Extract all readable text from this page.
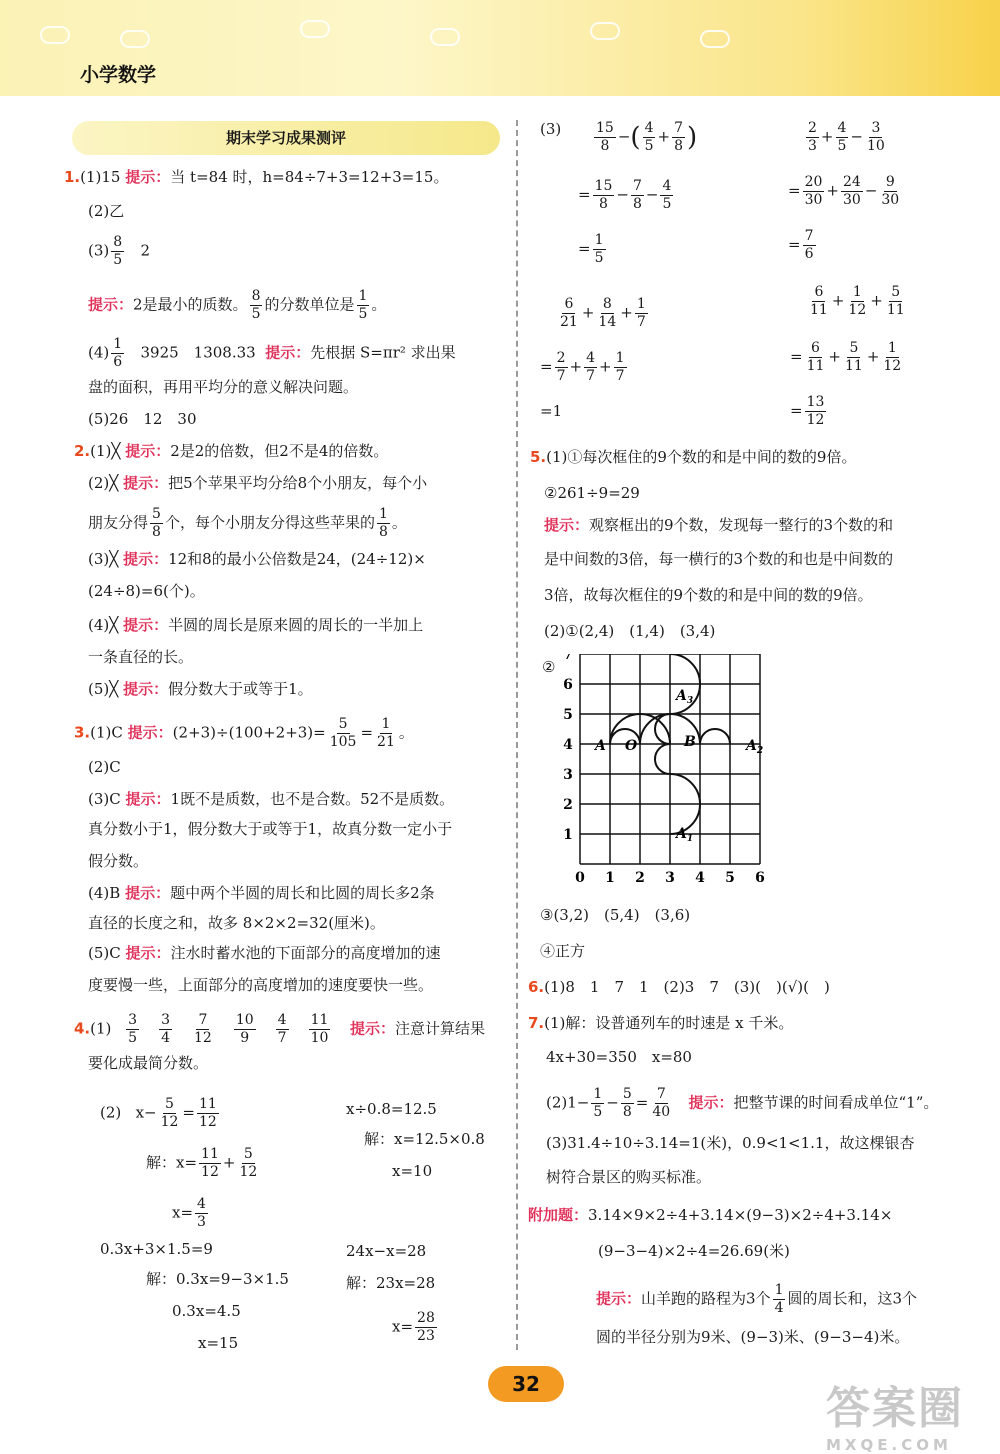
小学数学
期末学习成果测评
1.(1)15 提示：当 t=84 时，h=84÷7+3=12+3=15。
(2)乙
$(3) \frac{8}{5} 2$
提示：2是最小的质数。 $\frac{8}{5}$ 的分数单位是 $\frac{1}{5}$ 。
$(4) \frac{1}{6} 3925$　1308.33 提示：先根据 S=πr² 求出果
盘的面积，再用平均分的意义解决问题。
(5)26　12　30
2.(1)╳ 提示：2是2的倍数，但2不是4的倍数。
(2)╳ 提示：把5个苹果平均分给8个小朋友，每个小
朋友分得 $\frac{5}{8}$ 个，每个小朋友分得这些苹果的 $\frac{1}{8}$ 。
(3)╳ 提示：12和8的最小公倍数是24，(24÷12)×
(24÷8)=6(个)。
(4)╳ 提示：半圆的周长是原来圆的周长的一半加上
一条直径的长。
(5)╳ 提示：假分数大于或等于1。
3.(1)C 提示：$(2+3)\div(100+2+3)= \frac{5}{105} = \frac{1}{21}$ 。
(2)C
(3)C 提示：1既不是质数，也不是合数。52不是质数。
真分数小于1，假分数大于或等于1，故真分数一定小于
假分数。
(4)B 提示：题中两个半圆的周长和比圆的周长多2条
直径的长度之和，故多 8×2×2=32(厘米)。
(5)C 提示：注水时蓄水池的下面部分的高度增加的速
度要慢一些，上面部分的高度增加的速度要快一些。
$4.(1) \frac{3}{5} \frac{3}{4} \frac{7}{12} \frac{10}{9} \frac{4}{7} \frac{11}{10}$ 提示：注意计算结果
要化成最简分数。
(2) $x- \frac{5}{12} = \frac{11}{12}$
解：$x= \frac{11}{12} + \frac{5}{12}$
$x= \frac{4}{3}$
x÷0.8=12.5
解：x=12.5×0.8
x=10
0.3x+3×1.5=9
解：0.3x=9−3×1.5
0.3x=4.5
x=15
24x−x=28
解：23x=28
$x= \frac{28}{23}$
$(3) \frac{15}{8}$ −( $\frac{4}{5} + \frac{7}{8}$ )
= $\frac{15}{8} - \frac{7}{8} - \frac{4}{5}$
= $\frac{1}{5}$
$\frac{2}{3} + \frac{4}{5} - \frac{3}{10}$
= $\frac{20}{30} + \frac{24}{30} - \frac{9}{30}$
= $\frac{7}{6}$
$\frac{6}{21} + \frac{8}{14} + \frac{1}{7}$
= $\frac{2}{7} + \frac{4}{7} + \frac{1}{7}$
=1
$\frac{6}{11} + \frac{1}{12} + \frac{5}{11}$
= $\frac{6}{11} + \frac{5}{11} + \frac{1}{12}$
= $\frac{13}{12}$
5.(1)①每次框住的9个数的和是中间的数的9倍。
②261÷9=29
提示：观察框出的9个数，发现每一整行的3个数的和
是中间数的3倍，每一横行的3个数的和也是中间数的
3倍，故每次框住的9个数的和是中间的数的9倍。
(2)①(2,4)　(1,4)　(3,4)
②
0 1 2 3 4 5 6
1
2
3
4
5
6
7
A O	B	$A_2$
$A_3$
$A_1$
③(3,2)　(5,4)　(3,6)
④正方
6.(1)8　1　7　1　(2)3　7　(3)(　)(√)(　)
7.(1)解：设普通列车的时速是 x 千米。
4x+30=350　x=80
$(2)1- \frac{1}{5} - \frac{5}{8} = \frac{7}{40}$ 提示：把整节课的时间看成单位“1”。
(3)31.4÷10÷3.14=1(米)，0.9<1<1.1，故这棵银杏
树符合景区的购买标准。
附加题：3.14×9×2÷4+3.14×(9−3)×2÷4+3.14×
(9−3−4)×2÷4=26.69(米)
提示：山羊跑的路程为3个 $\frac{1}{4}$ 圆的周长和，这3个
圆的半径分别为9米、(9−3)米、(9−3−4)米。
32	答案圈
MXQE.COM
